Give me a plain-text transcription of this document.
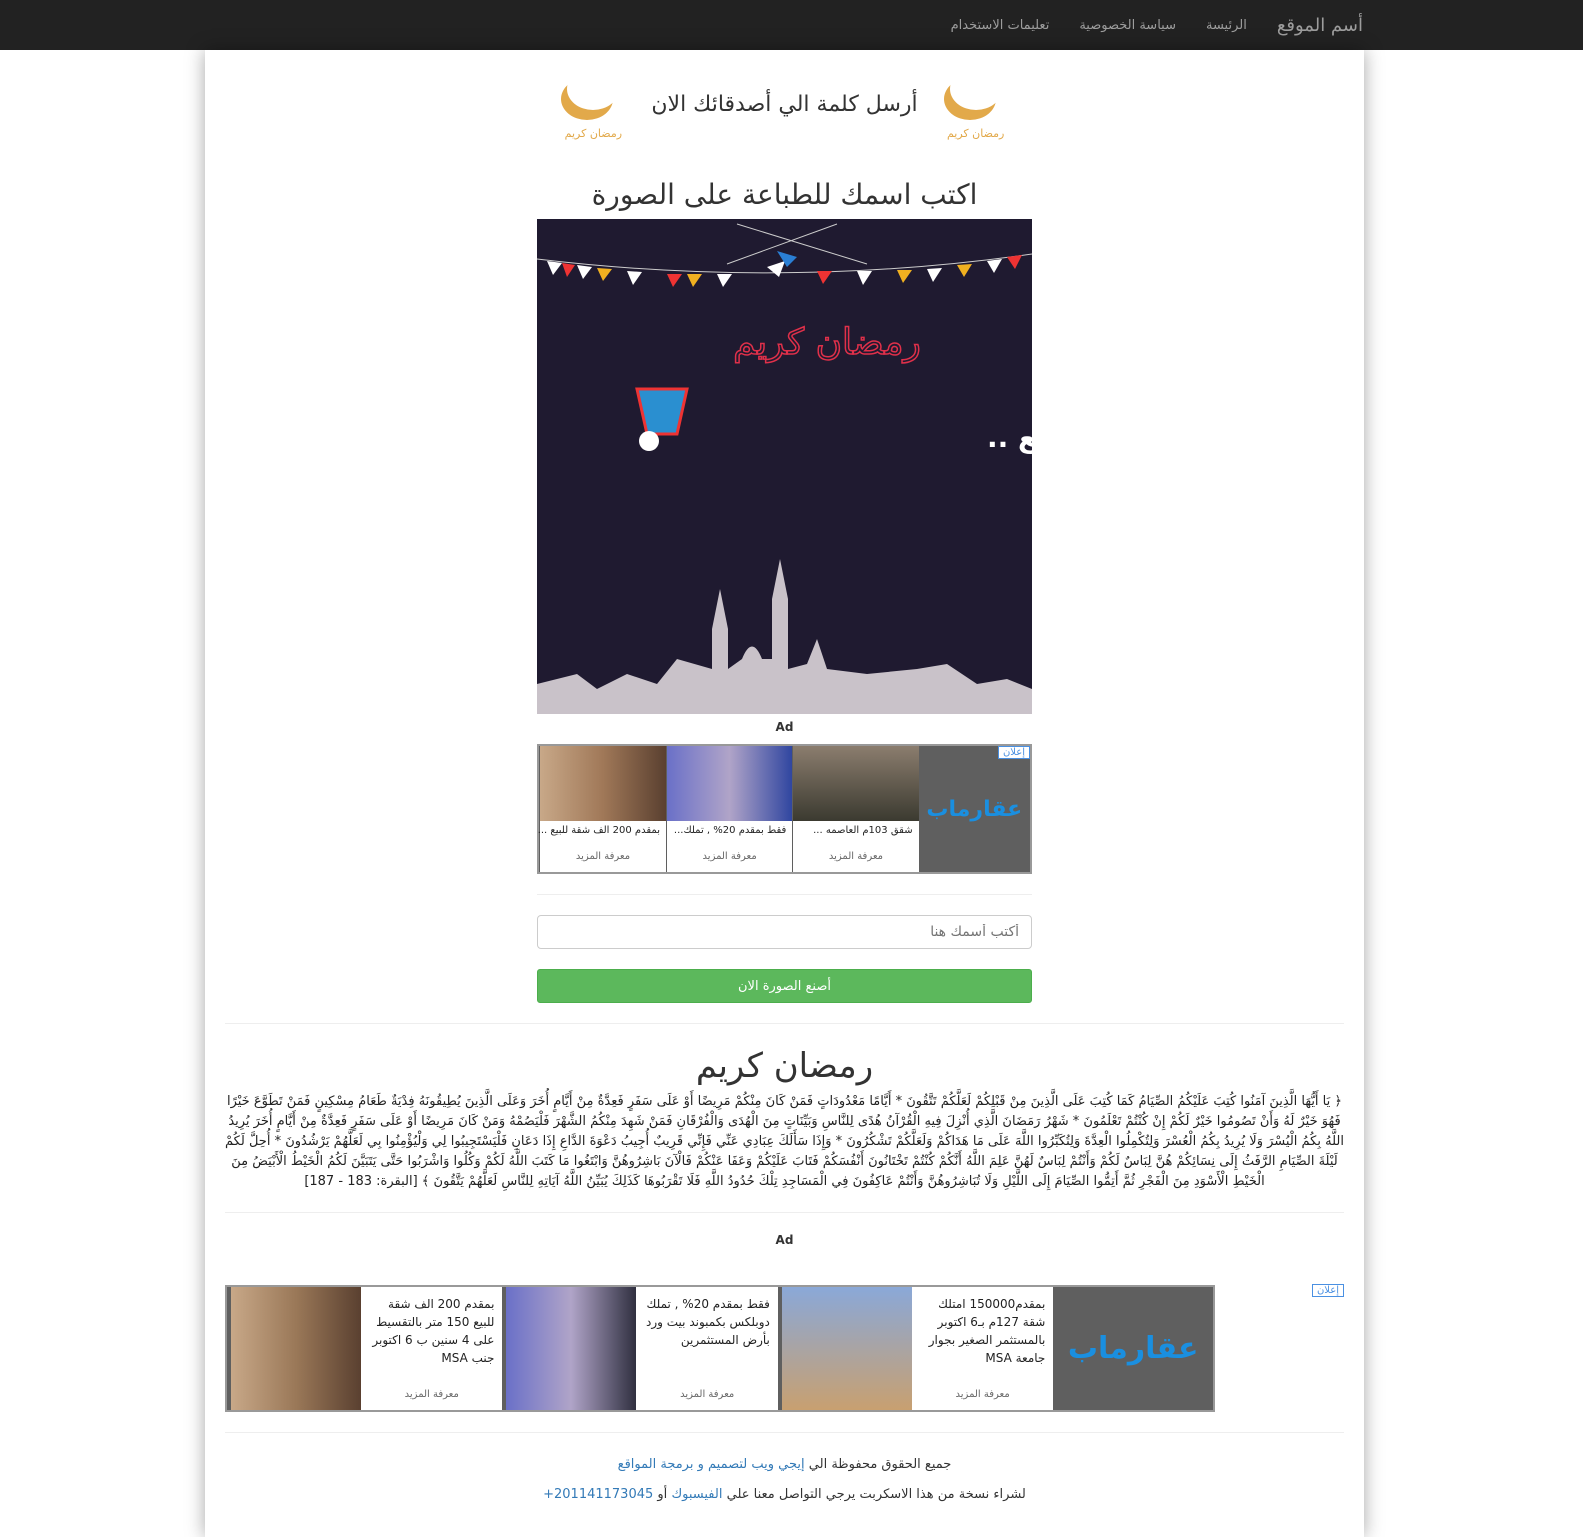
أسم الموقع
الرئيسة
سياسة الخصوصية
تعليمات الاستخدام
رمضان كريم
أرسل كلمة الي أصدقائك الان
رمضان كريم
اكتب اسمك للطباعة على الصورة
رمضان كريم
رمضان أحلى مع ..
Ad
إعلان
عقارماب
شقق 103م العاصمه ...
معرفة المزيد
فقط بمقدم 20% , تملك...
معرفة المزيد
بمقدم 200 الف شقة للبيع ...
معرفة المزيد
أكتب أسمك هنا
أصنع الصورة الان
رمضان كريم
﴿ يَا أَيُّهَا الَّذِينَ آمَنُوا كُتِبَ عَلَيْكُمُ الصِّيَامُ كَمَا كُتِبَ عَلَى الَّذِينَ مِنْ قَبْلِكُمْ لَعَلَّكُمْ تَتَّقُونَ * أَيَّامًا مَعْدُودَاتٍ فَمَنْ كَانَ مِنْكُمْ مَرِيضًا أَوْ عَلَى سَفَرٍ فَعِدَّةٌ مِنْ أَيَّامٍ أُخَرَ وَعَلَى الَّذِينَ يُطِيقُونَهُ فِدْيَةٌ طَعَامُ مِسْكِينٍ فَمَنْ تَطَوَّعَ خَيْرًا فَهُوَ خَيْرٌ لَهُ وَأَنْ تَصُومُوا خَيْرٌ لَكُمْ إِنْ كُنْتُمْ تَعْلَمُونَ * شَهْرُ رَمَضَانَ الَّذِي أُنْزِلَ فِيهِ الْقُرْآنُ هُدًى لِلنَّاسِ وَبَيِّنَاتٍ مِنَ الْهُدَى وَالْفُرْقَانِ فَمَنْ شَهِدَ مِنْكُمُ الشَّهْرَ فَلْيَصُمْهُ وَمَنْ كَانَ مَرِيضًا أَوْ عَلَى سَفَرٍ فَعِدَّةٌ مِنْ أَيَّامٍ أُخَرَ يُرِيدُ اللَّهُ بِكُمُ الْيُسْرَ وَلَا يُرِيدُ بِكُمُ الْعُسْرَ وَلِتُكْمِلُوا الْعِدَّةَ وَلِتُكَبِّرُوا اللَّهَ عَلَى مَا هَدَاكُمْ وَلَعَلَّكُمْ تَشْكُرُونَ * وَإِذَا سَأَلَكَ عِبَادِي عَنِّي فَإِنِّي قَرِيبٌ أُجِيبُ دَعْوَةَ الدَّاعِ إِذَا دَعَانِ فَلْيَسْتَجِيبُوا لِي وَلْيُؤْمِنُوا بِي لَعَلَّهُمْ يَرْشُدُونَ * أُحِلَّ لَكُمْ لَيْلَةَ الصِّيَامِ الرَّفَثُ إِلَى نِسَائِكُمْ هُنَّ لِبَاسٌ لَكُمْ وَأَنْتُمْ لِبَاسٌ لَهُنَّ عَلِمَ اللَّهُ أَنَّكُمْ كُنْتُمْ تَخْتَانُونَ أَنْفُسَكُمْ فَتَابَ عَلَيْكُمْ وَعَفَا عَنْكُمْ فَالْآنَ بَاشِرُوهُنَّ وَابْتَغُوا مَا كَتَبَ اللَّهُ لَكُمْ وَكُلُوا وَاشْرَبُوا حَتَّى يَتَبَيَّنَ لَكُمُ الْخَيْطُ الْأَبْيَضُ مِنَ الْخَيْطِ الْأَسْوَدِ مِنَ الْفَجْرِ ثُمَّ أَتِمُّوا الصِّيَامَ إِلَى اللَّيْلِ وَلَا تُبَاشِرُوهُنَّ وَأَنْتُمْ عَاكِفُونَ فِي الْمَسَاجِدِ تِلْكَ حُدُودُ اللَّهِ فَلَا تَقْرَبُوهَا كَذَلِكَ يُبَيِّنُ اللَّهُ آيَاتِهِ لِلنَّاسِ لَعَلَّهُمْ يَتَّقُونَ ﴾ [البقرة: 183 - 187]
Ad
إعلان
عقارماب
بمقدم150000 امتلك شقة 127م بـ6 اكتوبر بالمستثمر الصغير بجوار جامعة MSA
معرفة المزيد
فقط بمقدم 20% , تملك دوبلكس بكمبوند بيت ورد بأرض المستثمرين
معرفة المزيد
بمقدم 200 الف شقة للبيع 150 متر بالتقسيط على 4 سنين ب 6 اكتوبر جنب MSA
معرفة المزيد
جميع الحقوق محفوظة الي إيجي ويب لتصميم و برمجة المواقع
لشراء نسخة من هذا الاسكربت يرجي التواصل معنا علي الفيسبوك أو +201141173045
